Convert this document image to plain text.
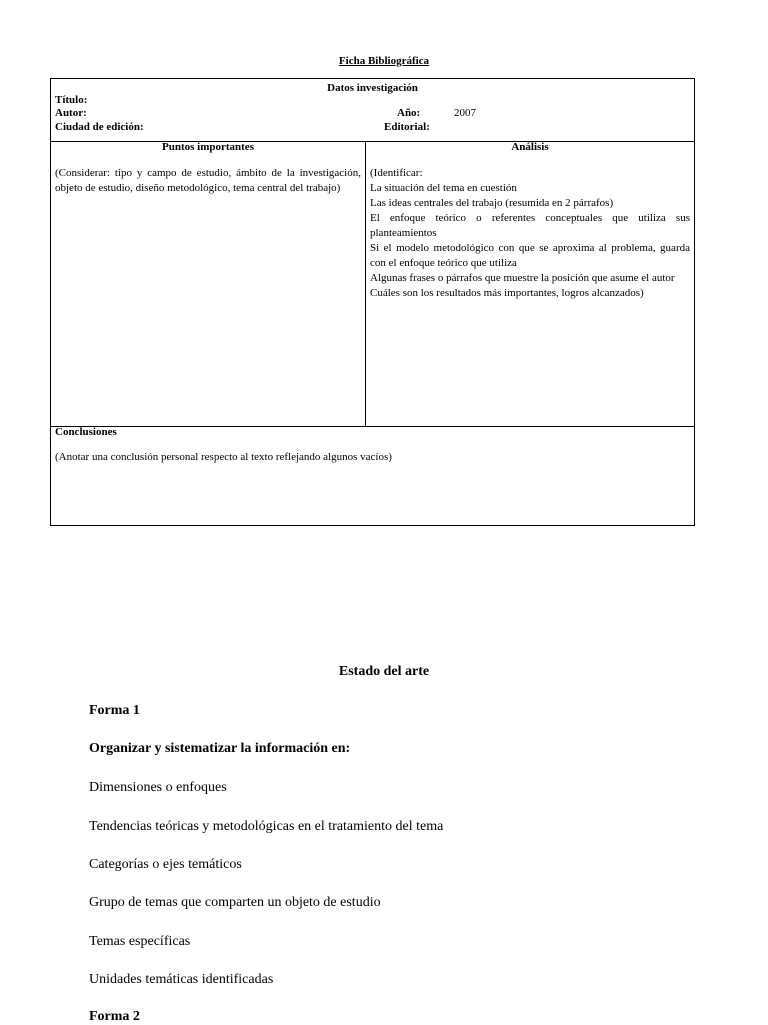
Ficha Bibliográfica
Datos investigación
Título:
Autor:
Ciudad de edición:
Año:	2007
Editorial:
Puntos importantes
(Considerar: tipo y campo de estudio, ámbito de la investigación, objeto de estudio, diseño metodológico, tema central del trabajo)
Análisis
(Identificar:
La situación del tema en cuestión
Las ideas centrales del trabajo (resumida en 2 párrafos)
El enfoque teórico o referentes conceptuales que utiliza sus planteamientos
Si el modelo metodológico con que se aproxima al problema, guarda con el enfoque teórico que utiliza
Algunas frases o párrafos que muestre la posición que asume el autor
Cuáles son los resultados más importantes, logros alcanzados)
Conclusiones
(Anotar una conclusión personal respecto al texto reflejando algunos vacíos)
Estado del arte
Forma 1
Organizar y sistematizar la información en:
Dimensiones o enfoques
Tendencias teóricas y metodológicas en el tratamiento del tema
Categorías o ejes temáticos
Grupo de temas que comparten un objeto de estudio
Temas específicas
Unidades temáticas identificadas
Forma 2
